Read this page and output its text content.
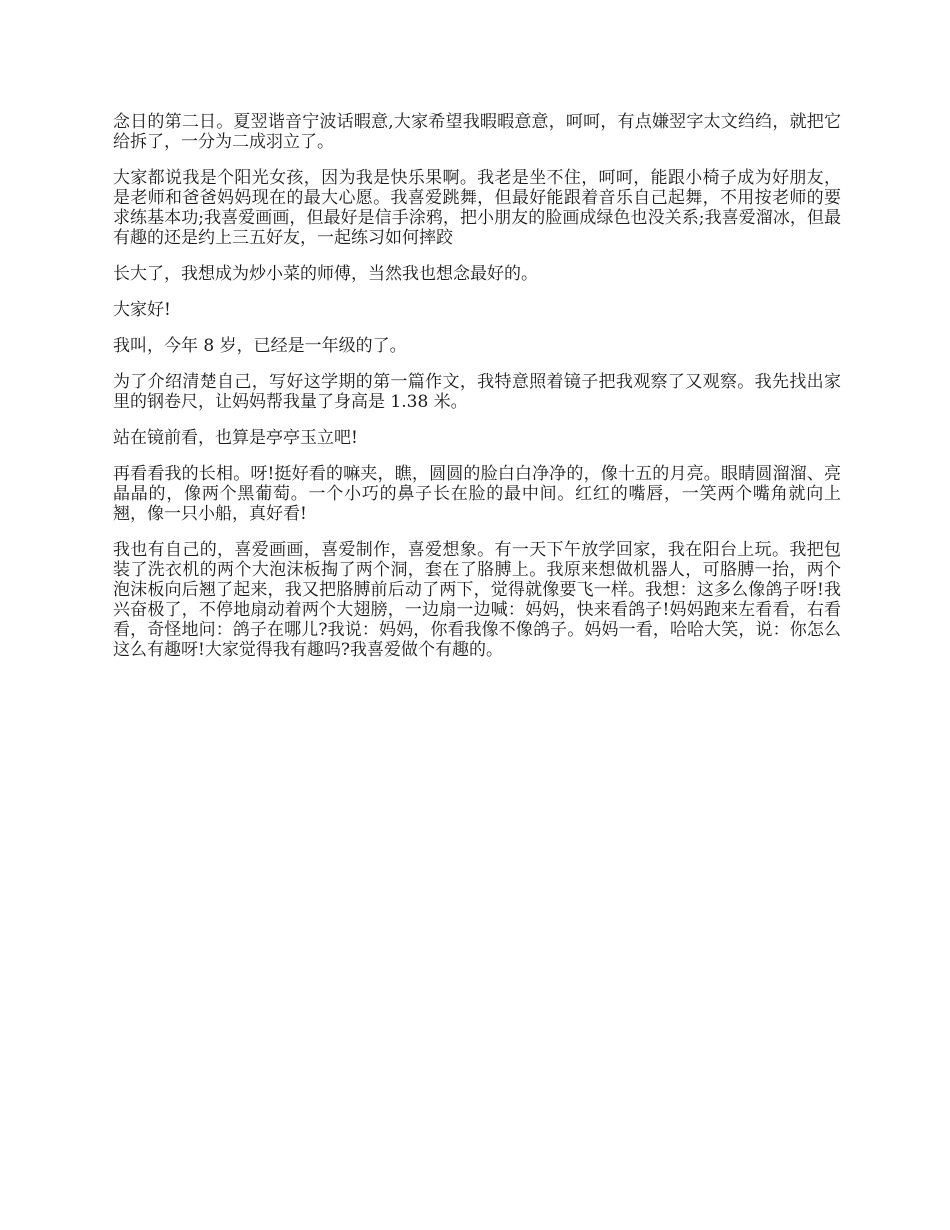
念日的第二日。夏翌谐音宁波话暇意,大家希望我暇暇意意，呵呵，有点嫌翌字太文绉绉，就把它给拆了，一分为二成羽立了。

大家都说我是个阳光女孩，因为我是快乐果啊。我老是坐不住，呵呵，能跟小椅子成为好朋友，是老师和爸爸妈妈现在的最大心愿。我喜爱跳舞，但最好能跟着音乐自己起舞，不用按老师的要求练基本功;我喜爱画画，但最好是信手涂鸦，把小朋友的脸画成绿色也没关系;我喜爱溜冰，但最有趣的还是约上三五好友，一起练习如何摔跤

长大了，我想成为炒小菜的师傅，当然我也想念最好的。

大家好!

我叫，今年 8 岁，已经是一年级的了。

为了介绍清楚自己，写好这学期的第一篇作文，我特意照着镜子把我观察了又观察。我先找出家里的钢卷尺，让妈妈帮我量了身高是 1.38 米。

站在镜前看，也算是亭亭玉立吧!

再看看我的长相。呀!挺好看的嘛夹，瞧，圆圆的脸白白净净的，像十五的月亮。眼睛圆溜溜、亮晶晶的，像两个黑葡萄。一个小巧的鼻子长在脸的最中间。红红的嘴唇，一笑两个嘴角就向上翘，像一只小船，真好看!

我也有自己的，喜爱画画，喜爱制作，喜爱想象。有一天下午放学回家，我在阳台上玩。我把包装了洗衣机的两个大泡沫板掏了两个洞，套在了胳膊上。我原来想做机器人，可胳膊一抬，两个泡沫板向后翘了起来，我又把胳膊前后动了两下，觉得就像要飞一样。我想：这多么像鸽子呀!我兴奋极了，不停地扇动着两个大翅膀，一边扇一边喊：妈妈，快来看鸽子!妈妈跑来左看看，右看看，奇怪地问：鸽子在哪儿?我说：妈妈，你看我像不像鸽子。妈妈一看，哈哈大笑，说：你怎么这么有趣呀!大家觉得我有趣吗?我喜爱做个有趣的。
